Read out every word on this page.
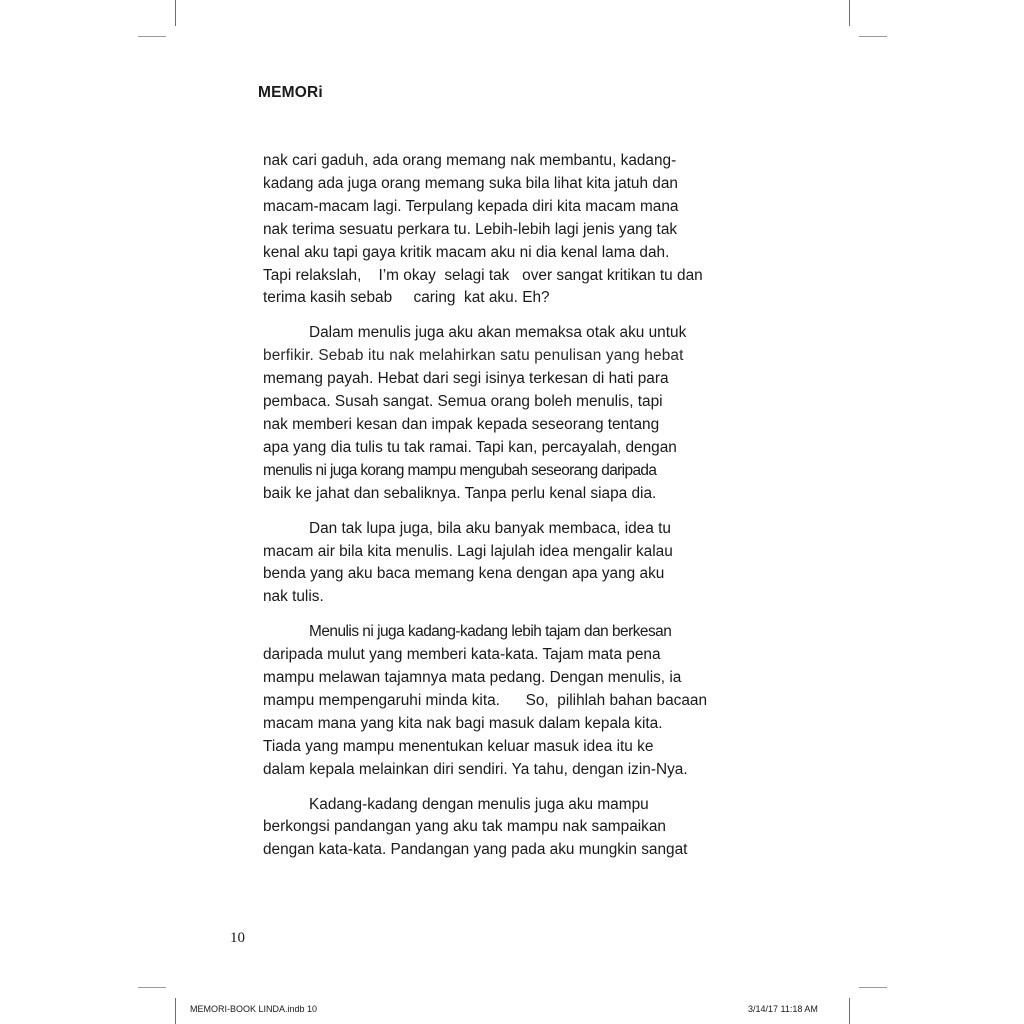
MEMORi

nak cari gaduh, ada orang memang nak membantu, kadang-
kadang ada juga orang memang suka bila lihat kita jatuh dan
macam-macam lagi. Terpulang kepada diri kita macam mana
nak terima sesuatu perkara tu. Lebih-lebih lagi jenis yang tak
kenal aku tapi gaya kritik macam aku ni dia kenal lama dah.
Tapi relakslah,    I’m okay  selagi tak   over sangat kritikan tu dan
terima kasih sebab     caring  kat aku. Eh?

Dalam menulis juga aku akan memaksa otak aku untuk
berfikir. Sebab itu nak melahirkan satu penulisan yang hebat
memang payah. Hebat dari segi isinya terkesan di hati para
pembaca. Susah sangat. Semua orang boleh menulis, tapi
nak memberi kesan dan impak kepada seseorang tentang
apa yang dia tulis tu tak ramai. Tapi kan, percayalah, dengan
menulis ni juga korang mampu mengubah seseorang daripada
baik ke jahat dan sebaliknya. Tanpa perlu kenal siapa dia.

Dan tak lupa juga, bila aku banyak membaca, idea tu
macam air bila kita menulis. Lagi lajulah idea mengalir kalau
benda yang aku baca memang kena dengan apa yang aku
nak tulis.

Menulis ni juga kadang-kadang lebih tajam dan berkesan
daripada mulut yang memberi kata-kata. Tajam mata pena
mampu melawan tajamnya mata pedang. Dengan menulis, ia
mampu mempengaruhi minda kita.      So,  pilihlah bahan bacaan
macam mana yang kita nak bagi masuk dalam kepala kita.
Tiada yang mampu menentukan keluar masuk idea itu ke
dalam kepala melainkan diri sendiri. Ya tahu, dengan izin-Nya.

Kadang-kadang dengan menulis juga aku mampu
berkongsi pandangan yang aku tak mampu nak sampaikan
dengan kata-kata. Pandangan yang pada aku mungkin sangat

10
MEMORI-BOOK LINDA.indb 10	3/14/17 11:18 AM
